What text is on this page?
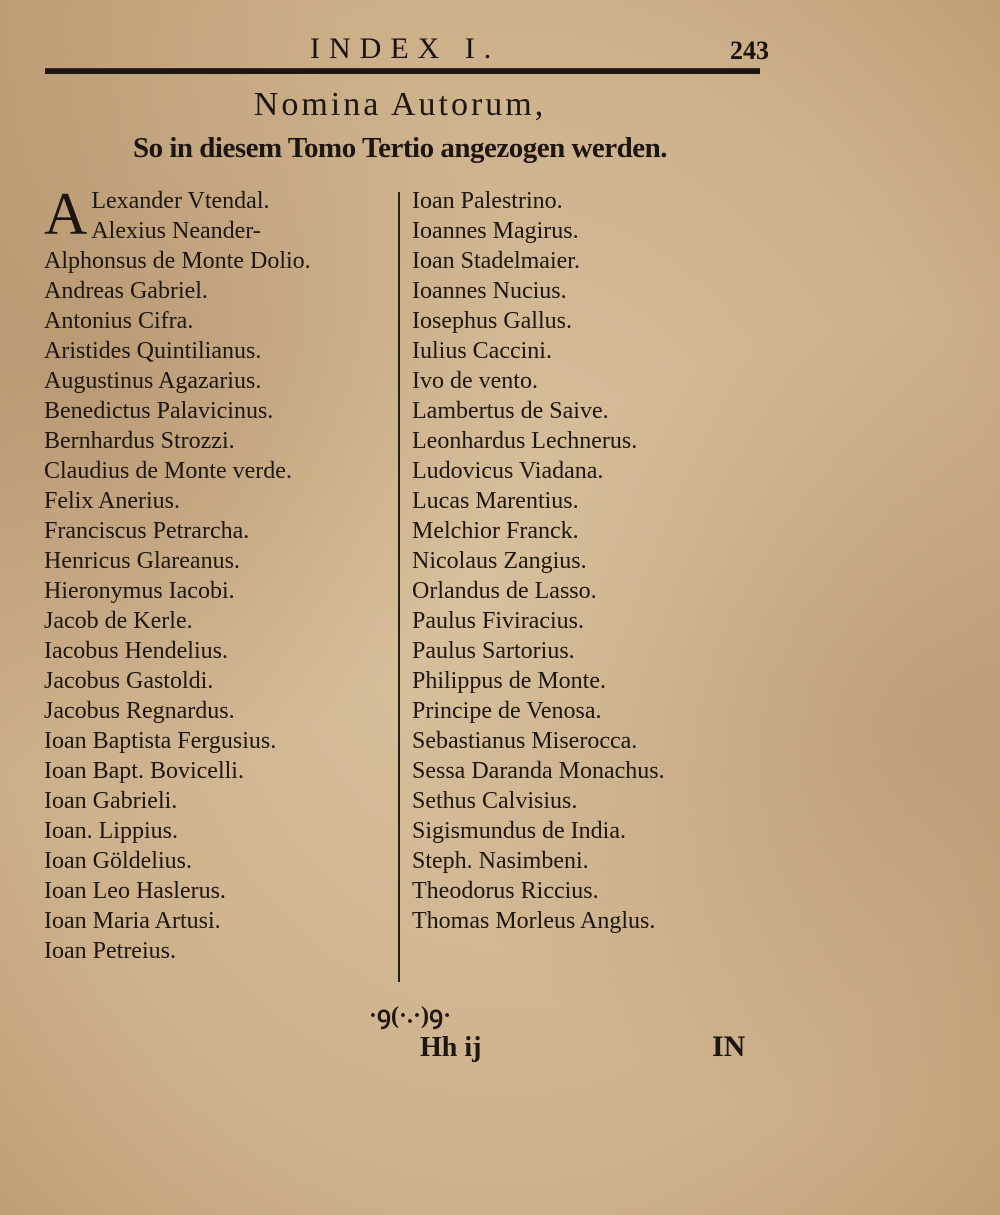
INDEX I.	243
Nomina Autorum,
So in diesem Tomo Tertio angezogen werden.
A Lexander Vtendal.
Alexius Neander-
Alphonsus de Monte Dolio.
Andreas Gabriel.
Antonius Cifra.
Aristides Quintilianus.
Augustinus Agazarius.
Benedictus Palavicinus.
Bernhardus Strozzi.
Claudius de Monte verde.
Felix Anerius.
Franciscus Petrarcha.
Henricus Glareanus.
Hieronymus Iacobi.
Jacob de Kerle.
Iacobus Hendelius.
Jacobus Gastoldi.
Jacobus Regnardus.
Ioan Baptista Fergusius.
Ioan Bapt. Bovicelli.
Ioan Gabrieli.
Ioan. Lippius.
Ioan Göldelius.
Ioan Leo Haslerus.
Ioan Maria Artusi.
Ioan Petreius.
Ioan Palestrino.
Ioannes Magirus.
Ioan Stadelmaier.
Ioannes Nucius.
Iosephus Gallus.
Iulius Caccini.
Ivo de vento.
Lambertus de Saive.
Leonhardus Lechnerus.
Ludovicus Viadana.
Lucas Marentius.
Melchior Franck.
Nicolaus Zangius.
Orlandus de Lasso.
Paulus Fiviracius.
Paulus Sartorius.
Philippus de Monte.
Principe de Venosa.
Sebastianus Miserocca.
Sessa Daranda Monachus.
Sethus Calvisius.
Sigismundus de India.
Steph. Nasimbeni.
Theodorus Riccius.
Thomas Morleus Anglus.
·ꝯ(·.·)ꝯ·
Hh ij	IN
